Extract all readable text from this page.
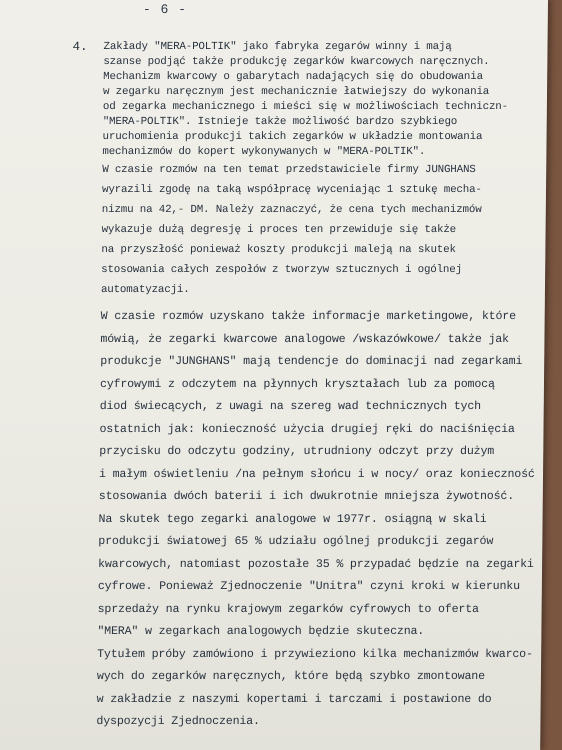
- 6 -
4. Zakłady "MERA-POLTIK" jako fabryka zegarów winny i mają
szanse podjąć także produkcję zegarków kwarcowych naręcznych.
Mechanizm kwarcowy o gabarytach nadających się do obudowania
w zegarku naręcznym jest mechanicznie łatwiejszy do wykonania
od zegarka mechanicznego i mieści się w możliwościach techniczn-
"MERA-POLTIK". Istnieje także możliwość bardzo szybkiego
uruchomienia produkcji takich zegarków w układzie montowania
mechanizmów do kopert wykonywanych w "MERA-POLTIK".
W czasie rozmów na ten temat przedstawiciele firmy JUNGHANS
wyrazili zgodę na taką współpracę wyceniając 1 sztukę mecha-
nizmu na 42,- DM. Należy zaznaczyć, że cena tych mechanizmów
wykazuje dużą degresję i proces ten przewiduje się także
na przyszłość ponieważ koszty produkcji maleją na skutek
stosowania całych zespołów z tworzyw sztucznych i ogólnej
automatyzacji.
W czasie rozmów uzyskano także informacje marketingowe, które
mówią, że zegarki kwarcowe analogowe /wskazówkowe/ także jak
produkcje "JUNGHANS" mają tendencje do dominacji nad zegarkami
cyfrowymi z odczytem na płynnych kryształach lub za pomocą
diod świecących, z uwagi na szereg wad technicznych tych
ostatnich jak: konieczność użycia drugiej ręki do naciśnięcia
przycisku do odczytu godziny, utrudniony odczyt przy dużym
i małym oświetleniu /na pełnym słońcu i w nocy/ oraz konieczność
stosowania dwóch baterii i ich dwukrotnie mniejsza żywotność.
Na skutek tego zegarki analogowe w 1977r. osiągną w skali
produkcji światowej 65 % udziału ogólnej produkcji zegarów
kwarcowych, natomiast pozostałe 35 % przypadać będzie na zegarki
cyfrowe. Ponieważ Zjednoczenie "Unitra" czyni kroki w kierunku
sprzedaży na rynku krajowym zegarków cyfrowych to oferta
"MERA" w zegarkach analogowych będzie skuteczna.
Tytułem próby zamówiono i przywieziono kilka mechanizmów kwarco-
wych do zegarków naręcznych, które będą szybko zmontowane
w zakładzie z naszymi kopertami i tarczami i postawione do
dyspozycji Zjednoczenia.
